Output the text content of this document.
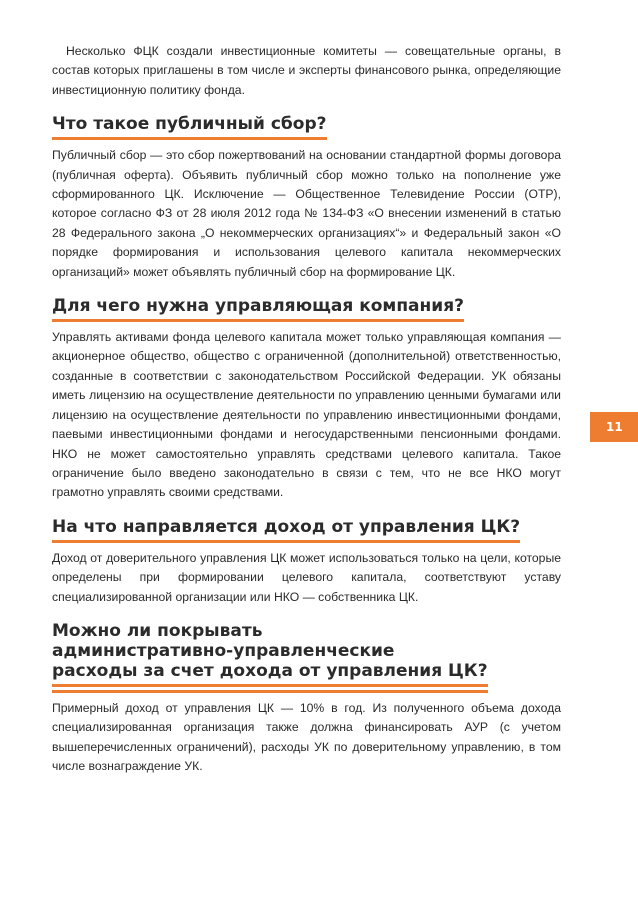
Несколько ФЦК создали инвестиционные комитеты — совещательные органы, в состав которых приглашены в том числе и эксперты финансового рынка, определяющие инвестиционную политику фонда.

Что такое публичный сбор?

Публичный сбор — это сбор пожертвований на основании стандартной формы договора (публичная оферта). Объявить публичный сбор можно только на пополнение уже сформированного ЦК. Исключение — Общественное Телевидение России (ОТР), которое согласно ФЗ от 28 июля 2012 года № 134-ФЗ «О внесении изменений в статью 28 Федерального закона „О некоммерческих организациях“» и Федеральный закон «О порядке формирования и использования целевого капитала некоммерческих организаций» может объявлять публичный сбор на формирование ЦК.

Для чего нужна управляющая компания?

Управлять активами фонда целевого капитала может только управляющая компания — акционерное общество, общество с ограниченной (дополнительной) ответственностью, созданные в соответствии с законодательством Российской Федерации. УК обязаны иметь лицензию на осуществление деятельности по управлению ценными бумагами или лицензию на осуществление деятельности по управлению инвестиционными фондами, паевыми инвестиционными фондами и негосударственными пенсионными фондами. НКО не может самостоятельно управлять средствами целевого капитала. Такое ограничение было введено законодательно в связи с тем, что не все НКО могут грамотно управлять своими средствами.

На что направляется доход от управления ЦК?

Доход от доверительного управления ЦК может использоваться только на цели, которые определены при формировании целевого капитала, соответствуют уставу специализированной организации или НКО — собственника ЦК.

Можно ли покрывать
административно-управленческие
расходы за счет дохода от управления ЦК?

Примерный доход от управления ЦК — 10% в год. Из полученного объема дохода специализированная организация также должна финансировать АУР (с учетом вышеперечисленных ограничений), расходы УК по доверительному управлению, в том числе вознаграждение УК.

11
